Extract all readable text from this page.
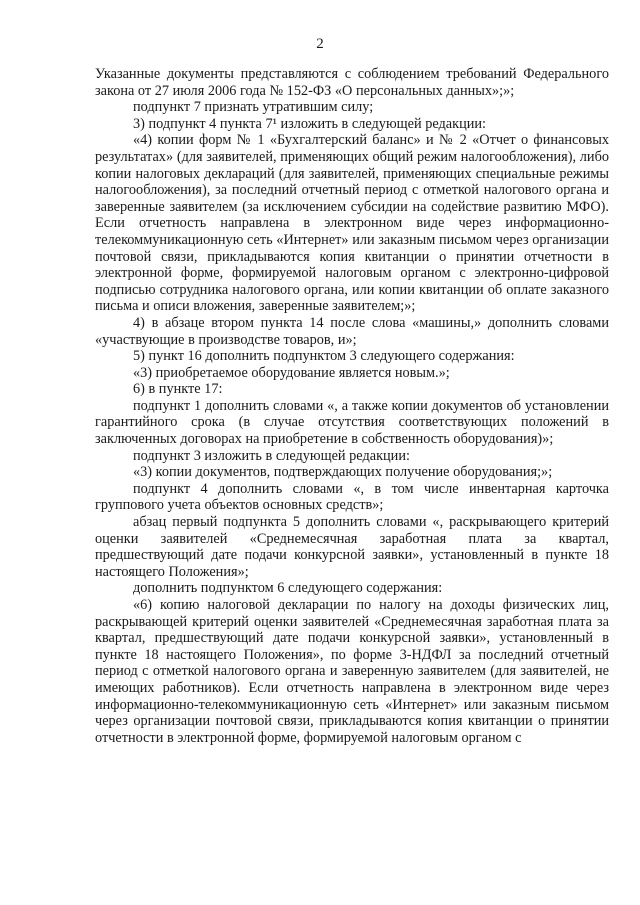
2

Указанные документы представляются с соблюдением требований Федерального закона от 27 июля 2006 года № 152-ФЗ «О персональных данных»;»;

подпункт 7 признать утратившим силу;

3) подпункт 4 пункта 7¹ изложить в следующей редакции:

«4) копии форм № 1 «Бухгалтерский баланс» и № 2 «Отчет о финансовых результатах» (для заявителей, применяющих общий режим налогообложения), либо копии налоговых деклараций (для заявителей, применяющих специальные режимы налогообложения), за последний отчетный период с отметкой налогового органа и заверенные заявителем (за исключением субсидии на содействие развитию МФО). Если отчетность направлена в электронном виде через информационно-телекоммуникационную сеть «Интернет» или заказным письмом через организации почтовой связи, прикладываются копия квитанции о принятии отчетности в электронной форме, формируемой налоговым органом с электронно-цифровой подписью сотрудника налогового органа, или копии квитанции об оплате заказного письма и описи вложения, заверенные заявителем;»;

4) в абзаце втором пункта 14 после слова «машины,» дополнить словами «участвующие в производстве товаров, и»;

5) пункт 16 дополнить подпунктом 3 следующего содержания:

«3) приобретаемое оборудование является новым.»;

6) в пункте 17:

подпункт 1 дополнить словами «, а также копии документов об установлении гарантийного срока (в случае отсутствия соответствующих положений в заключенных договорах на приобретение в собственность оборудования)»;

подпункт 3 изложить в следующей редакции:

«3) копии документов, подтверждающих получение оборудования;»;

подпункт 4 дополнить словами «, в том числе инвентарная карточка группового учета объектов основных средств»;

абзац первый подпункта 5 дополнить словами «, раскрывающего критерий оценки заявителей «Среднемесячная заработная плата за квартал, предшествующий дате подачи конкурсной заявки», установленный в пункте 18 настоящего Положения»;

дополнить подпунктом 6 следующего содержания:

«6) копию налоговой декларации по налогу на доходы физических лиц, раскрывающей критерий оценки заявителей «Среднемесячная заработная плата за квартал, предшествующий дате подачи конкурсной заявки», установленный в пункте 18 настоящего Положения», по форме 3-НДФЛ за последний отчетный период с отметкой налогового органа и заверенную заявителем (для заявителей, не имеющих работников). Если отчетность направлена в электронном виде через информационно-телекоммуникационную сеть «Интернет» или заказным письмом через организации почтовой связи, прикладываются копия квитанции о принятии отчетности в электронной форме, формируемой налоговым органом с
